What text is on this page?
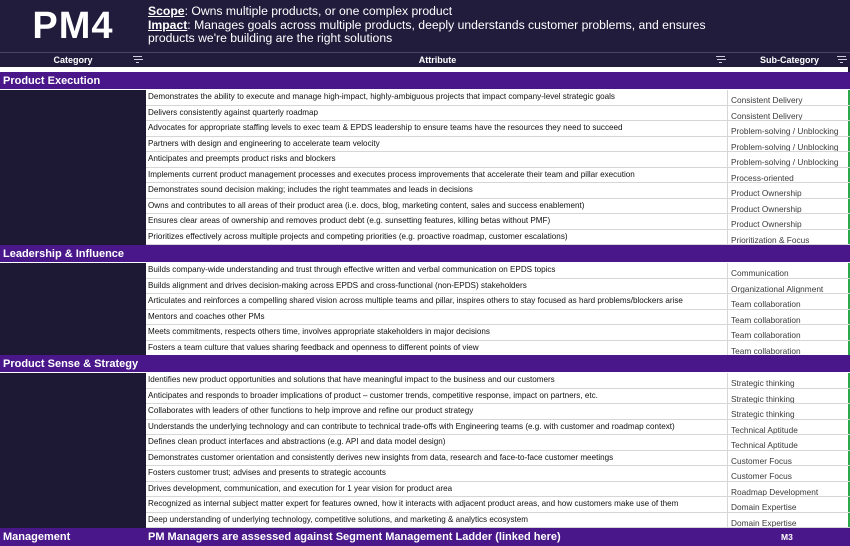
PM4	Scope: Owns multiple products, or one complex product
Impact: Manages goals across multiple products, deeply understands customer problems, and ensures products we're building are the right solutions
Category	Attribute	Sub-Category
Product Execution
Demonstrates the ability to execute and manage high-impact, highly-ambiguous projects that impact company-level strategic goals	Consistent Delivery
Delivers consistently against quarterly roadmap	Consistent Delivery
Advocates for appropriate staffing levels to exec team & EPDS leadership to ensure teams have the resources they need to succeed	Problem-solving / Unblocking
Partners with design and engineering to accelerate team velocity	Problem-solving / Unblocking
Anticipates and preempts product risks and blockers	Problem-solving / Unblocking
Implements current product management processes and executes process improvements that accelerate their team and pillar execution	Process-oriented
Demonstrates sound decision making; includes the right teammates and leads in decisions	Product Ownership
Owns and contributes to all areas of their product area (i.e. docs, blog, marketing content, sales and success enablement)	Product Ownership
Ensures clear areas of ownership and removes product debt (e.g. sunsetting features, killing betas without PMF)	Product Ownership
Prioritizes effectively across multiple projects and competing priorities (e.g. proactive roadmap, customer escalations)	Prioritization & Focus
Leadership & Influence
Builds company-wide understanding and trust through effective written and verbal communication on EPDS topics	Communication
Builds alignment and drives decision-making across EPDS and cross-functional (non-EPDS) stakeholders	Organizational Alignment
Articulates and reinforces a compelling shared vision across multiple teams and pillar, inspires others to stay focused as hard problems/blockers arise	Team collaboration
Mentors and coaches other PMs	Team collaboration
Meets commitments, respects others time, involves appropriate stakeholders in major decisions	Team collaboration
Fosters a team culture that values sharing feedback and openness to different points of view	Team collaboration
Product Sense & Strategy
Identifies new product opportunities and solutions that have meaningful impact to the business and our customers	Strategic thinking
Anticipates and responds to broader implications of product – customer trends, competitive response, impact on partners, etc.	Strategic thinking
Collaborates with leaders of other functions to help improve and refine our product strategy	Strategic thinking
Understands the underlying technology and can contribute to technical trade-offs with Engineering teams (e.g. with customer and roadmap context)	Technical Aptitude
Defines clean product interfaces and abstractions (e.g. API and data model design)	Technical Aptitude
Demonstrates customer orientation and consistently derives new insights from data, research and face-to-face customer meetings	Customer Focus
Fosters customer trust; advises and presents to strategic accounts	Customer Focus
Drives development, communication, and execution for 1 year vision for product area	Roadmap Development
Recognized as internal subject matter expert for features owned, how it interacts with adjacent product areas, and how customers make use of them	Domain Expertise
Deep understanding of underlying technology, competitive solutions, and marketing & analytics ecosystem	Domain Expertise
Management	PM Managers are assessed against Segment Management Ladder (linked here)	M3
